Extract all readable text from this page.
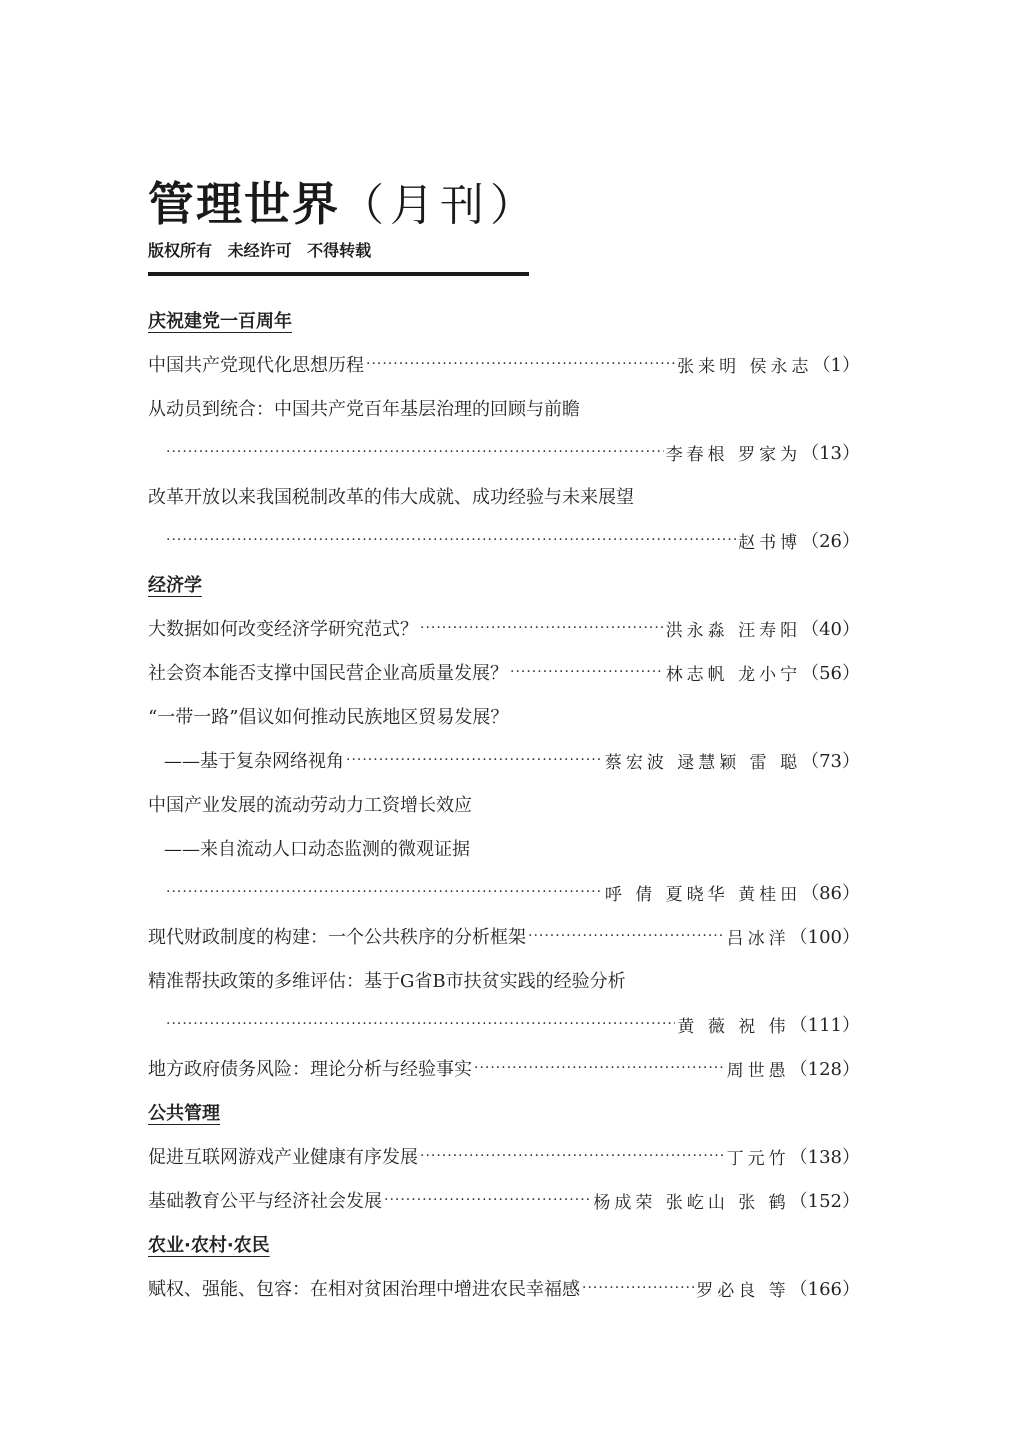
管理世界（月刊）
版权所有 未经许可 不得转载
庆祝建党一百周年
中国共产党现代化思想历程 ·····	张来明 侯永志 （1）
从动员到统合：中国共产党百年基层治理的回顾与前瞻
·····
李春根 罗家为 （13）
改革开放以来我国税制改革的伟大成就、成功经验与未来展望
·····
赵书博 （26）
经济学
大数据如何改变经济学研究范式？ ·····	洪永淼 汪寿阳 （40）
社会资本能否支撑中国民营企业高质量发展？ ·····	林志帆 龙小宁 （56）
“一带一路”倡议如何推动民族地区贸易发展？
——基于复杂网络视角 ·····	蔡宏波 逯慧颖 雷 聪 （73）
中国产业发展的流动劳动力工资增长效应
——来自流动人口动态监测的微观证据
·····
呼 倩 夏晓华 黄桂田 （86）
现代财政制度的构建：一个公共秩序的分析框架 ·····	吕冰洋 （100）
精准帮扶政策的多维评估：基于G省B市扶贫实践的经验分析
·····
黄 薇 祝 伟 （111）
地方政府债务风险：理论分析与经验事实 ·····	周世愚 （128）
公共管理
促进互联网游戏产业健康有序发展 ·····	丁元竹 （138）
基础教育公平与经济社会发展 ·····	杨成荣 张屹山 张 鹤 （152）
农业·农村·农民
赋权、强能、包容：在相对贫困治理中增进农民幸福感 ·····	罗必良 等 （166）
